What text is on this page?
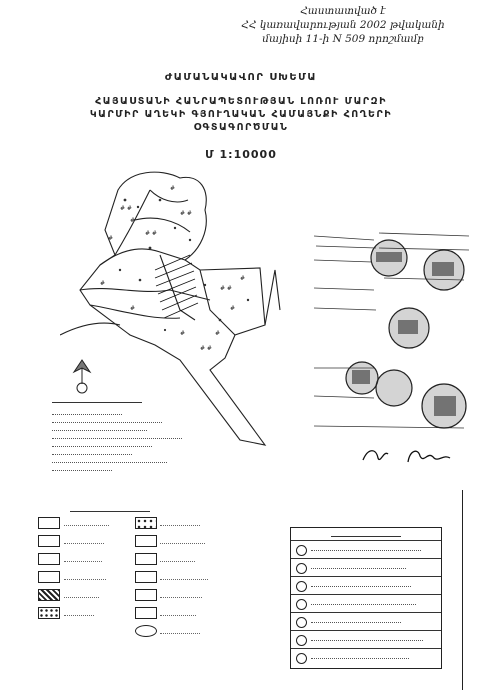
Հաստատված է
ՀՀ կառավարության 2002 թվականի
մայիսի 11-ի N 509 որոշմամբ
ԺԱՄԱՆԱԿԱՎՈՐ ՍԽԵՄԱ
ՀԱՅԱՍՏԱՆԻ ՀԱՆՐԱՊԵՏՈՒԹՅԱՆ ԼՈՌՈՒ ՄԱՐԶԻ
ԿԱՐՄԻՐ ԱՂԵԿԻ ԳՅՈՒՂԱԿԱՆ ՀԱՄԱՅՆՔԻ ՀՈՂԵՐԻ
ՕԳՏԱԳՈՐԾՄԱՆ
Մ 1:10000
# #
#
# #
#
# #
#
# #
#
#
# #
#
#
#
#
